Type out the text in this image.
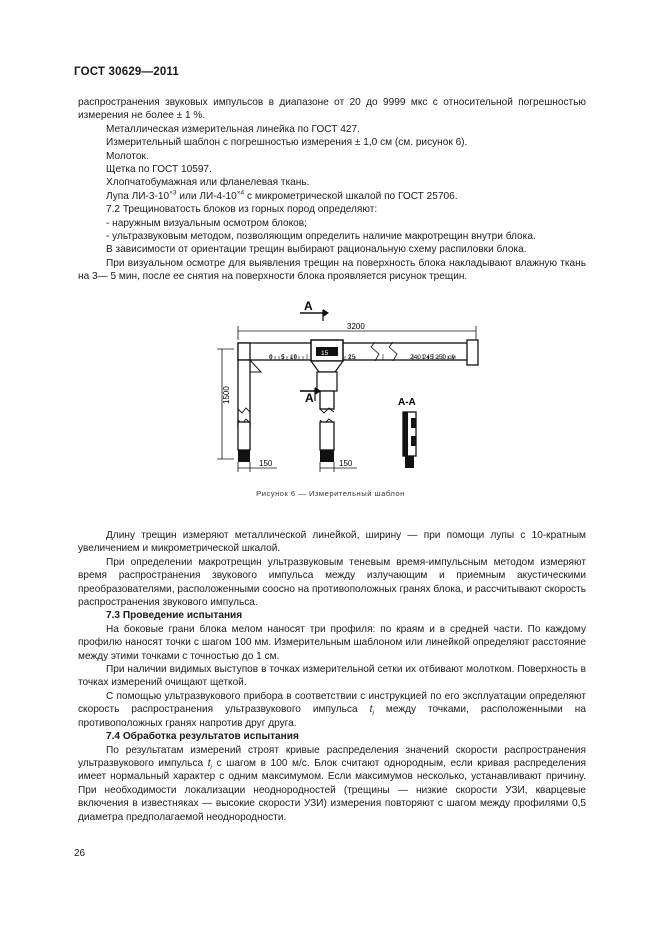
ГОСТ 30629—2011

распространения звуковых импульсов в диапазоне от 20 до 9999 мкс с относительной погрешностью измерения не более ± 1 %.

Металлическая измерительная линейка по ГОСТ 427.

Измерительный шаблон с погрешностью измерения ± 1,0 см (см. рисунок 6).

Молоток.

Щетка по ГОСТ 10597.

Хлопчатобумажная или фланелевая ткань.

Лупа $ЛИ-3-10^{\times 3}$ или $ЛИ-4-10^{\times 4}$ с микрометрической шкалой по ГОСТ 25706.

7.2 Трещиноватость блоков из горных пород определяют:

- наружным визуальным осмотром блоков;

- ультразвуковым методом, позволяющим определить наличие макротрещин внутри блока.

В зависимости от ориентации трещин выбирают рациональную схему распиловки блока.

При визуальном осмотре для выявления трещин на поверхность блока накладывают влажную ткань на 3— 5 мин, после ее снятия на поверхности блока проявляется рисунок трещин.

А
3200
0 5 10	25	240 245 250 см
15
А
1500
150	150
А-А
Рисунок 6 — Измерительный шаблон

Длину трещин измеряют металлической линейкой, ширину — при помощи лупы с 10-кратным увеличением и микрометрической шкалой.

При определении макротрещин ультразвуковым теневым время-импульсным методом измеряют время распространения звукового импульса между излучающим и приемным акустическими преобразователями, расположенными соосно на противоположных гранях блока, и рассчитывают скорость распространения звукового импульса.

7.3 Проведение испытания

На боковые грани блока мелом наносят три профиля: по краям и в средней части. По каждому профилю наносят точки с шагом 100 мм. Измерительным шаблоном или линейкой определяют расстояние между этими точками с точностью до 1 см.

При наличии видимых выступов в точках измерительной сетки их отбивают молотком. Поверхность в точках измерений очищают щеткой.

С помощью ультразвукового прибора в соответствии с инструкцией по его эксплуатации определяют скорость распространения ультразвукового импульса $t_i$ между точками, расположенными на противоположных гранях напротив друг друга.

7.4 Обработка результатов испытания

По результатам измерений строят кривые распределения значений скорости распространения ультразвукового импульса $t_i$ с шагом в 100 м/с. Блок считают однородным, если кривая распределения имеет нормальный характер с одним максимумом. Если максимумов несколько, устанавливают причину. При необходимости локализации неоднородностей (трещины — низкие скорости УЗИ, кварцевые включения в известняках — высокие скорости УЗИ) измерения повторяют с шагом между профилями 0,5 диаметра предполагаемой неоднородности.

26
